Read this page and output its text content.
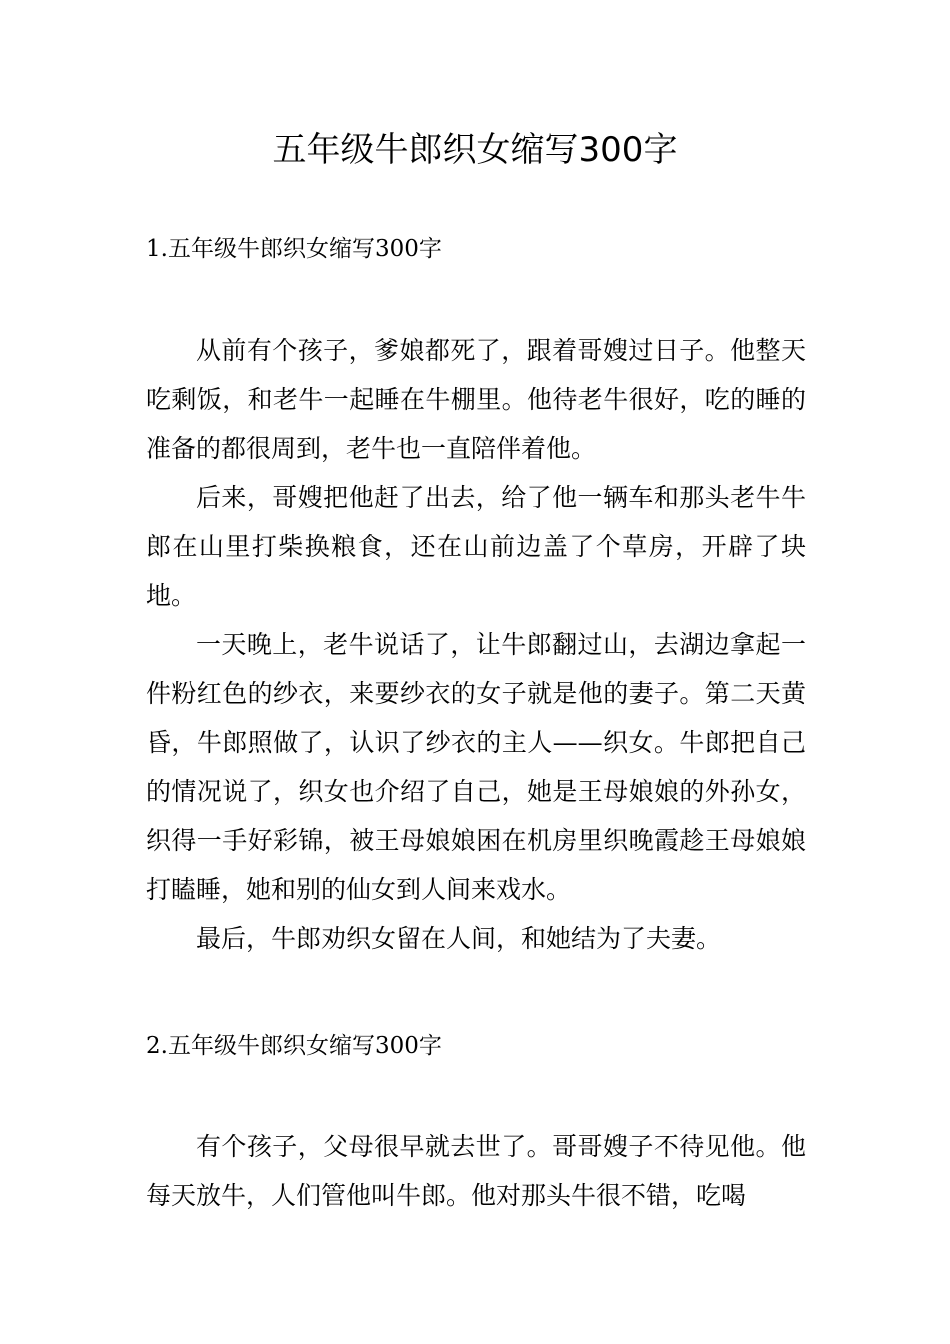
五年级牛郎织女缩写300字
1.五年级牛郎织女缩写300字

从前有个孩子，爹娘都死了，跟着哥嫂过日子。他整天吃剩饭，和老牛一起睡在牛棚里。他待老牛很好，吃的睡的准备的都很周到，老牛也一直陪伴着他。

后来，哥嫂把他赶了出去，给了他一辆车和那头老牛牛郎在山里打柴换粮食，还在山前边盖了个草房，开辟了块地。

一天晚上，老牛说话了，让牛郎翻过山，去湖边拿起一件粉红色的纱衣，来要纱衣的女子就是他的妻子。第二天黄昏，牛郎照做了，认识了纱衣的主人——织女。牛郎把自己的情况说了，织女也介绍了自己，她是王母娘娘的外孙女，织得一手好彩锦，被王母娘娘困在机房里织晚霞趁王母娘娘打瞌睡，她和别的仙女到人间来戏水。

最后，牛郎劝织女留在人间，和她结为了夫妻。

2.五年级牛郎织女缩写300字

有个孩子，父母很早就去世了。哥哥嫂子不待见他。他每天放牛，人们管他叫牛郎。他对那头牛很不错，吃喝
